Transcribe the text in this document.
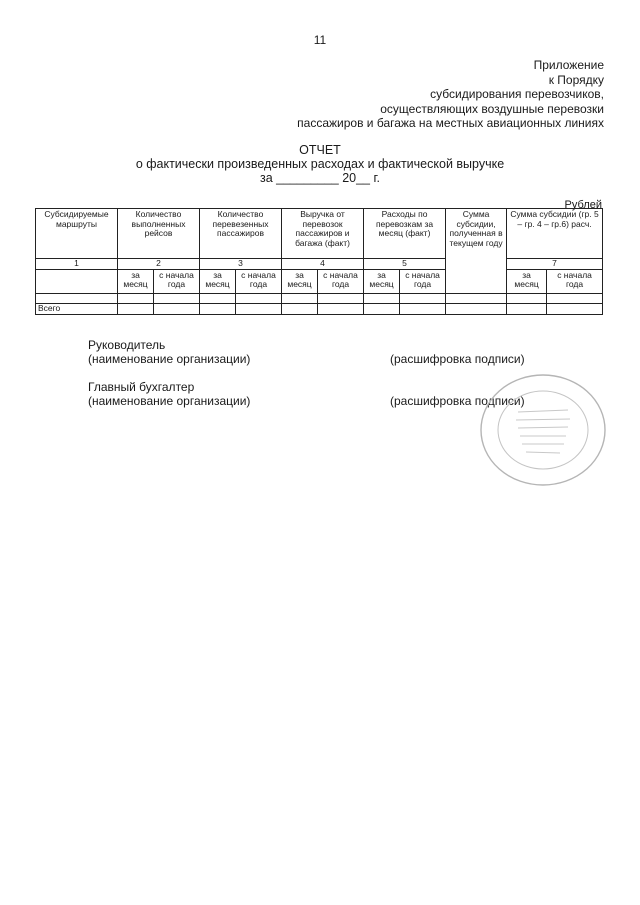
11
Приложение
к Порядку
субсидирования перевозчиков,
осуществляющих воздушные перевозки
пассажиров и багажа на местных авиационных линиях
ОТЧЕТ
о фактически произведенных расходах и фактической выручке
за _________ 20__ г.
Рублей
Субсидируемые маршруты	Количество выполненных рейсов		Количество перевезенных пассажиров		Выручка от перевозок пассажиров и багажа (факт)		Расходы по перевозкам за месяц (факт)		Сумма субсидии, полученная в текущем году	Сумма субсидии (гр. 5 – гр. 4 – гр.6) расч.	
1	2		3		4		5			7	
	за месяц	с начала года	за месяц	с начала года	за месяц	с начала года	за месяц	с начала года		за месяц	с начала года

Всего											
Руководитель
(наименование организации)	(расшифровка подписи)
Главный бухгалтер
(наименование организации)	(расшифровка подписи)
